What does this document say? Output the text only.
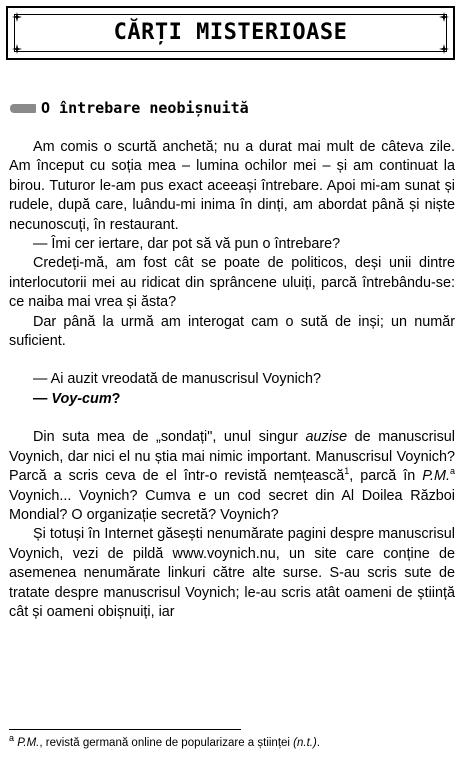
CĂRȚI MISTERIOASE
O întrebare neobișnuită

Am comis o scurtă anchetă; nu a durat mai mult de câteva zile. Am început cu soția mea – lumina ochilor mei – și am continuat la birou. Tuturor le-am pus exact aceeași întrebare. Apoi mi-am sunat și rudele, după care, luându-mi inima în dinți, am abordat până și niște necunoscuți, în restaurant.

— Îmi cer iertare, dar pot să vă pun o întrebare?

Credeți-mă, am fost cât se poate de politicos, deși unii dintre interlocutorii mei au ridicat din sprâncene uluiți, parcă întrebându-se: ce naiba mai vrea și ăsta?

Dar până la urmă am interogat cam o sută de inși; un număr suficient.

— Ai auzit vreodată de manuscrisul Voynich?

— Voy-cum?

Din suta mea de „sondați", unul singur auzise de manuscrisul Voynich, dar nici el nu știa mai nimic important. Manuscrisul Voynich? Parcă a scris ceva de el într-o revistă nemțească$^1$, parcă în P.M.$^a$ Voynich... Voynich? Cumva e un cod secret din Al Doilea Război Mondial? O organizație secretă? Voynich?

Și totuși în Internet găsești nenumărate pagini despre manuscrisul Voynich, vezi de pildă www.voynich.nu, un site care conține de asemenea nenumărate linkuri către alte surse. S-au scris sute de tratate despre manuscrisul Voynich; le-au scris atât oameni de știință cât și oameni obișnuiți, iar

$^a$ P.M., revistă germană online de popularizare a științei (n.t.).
